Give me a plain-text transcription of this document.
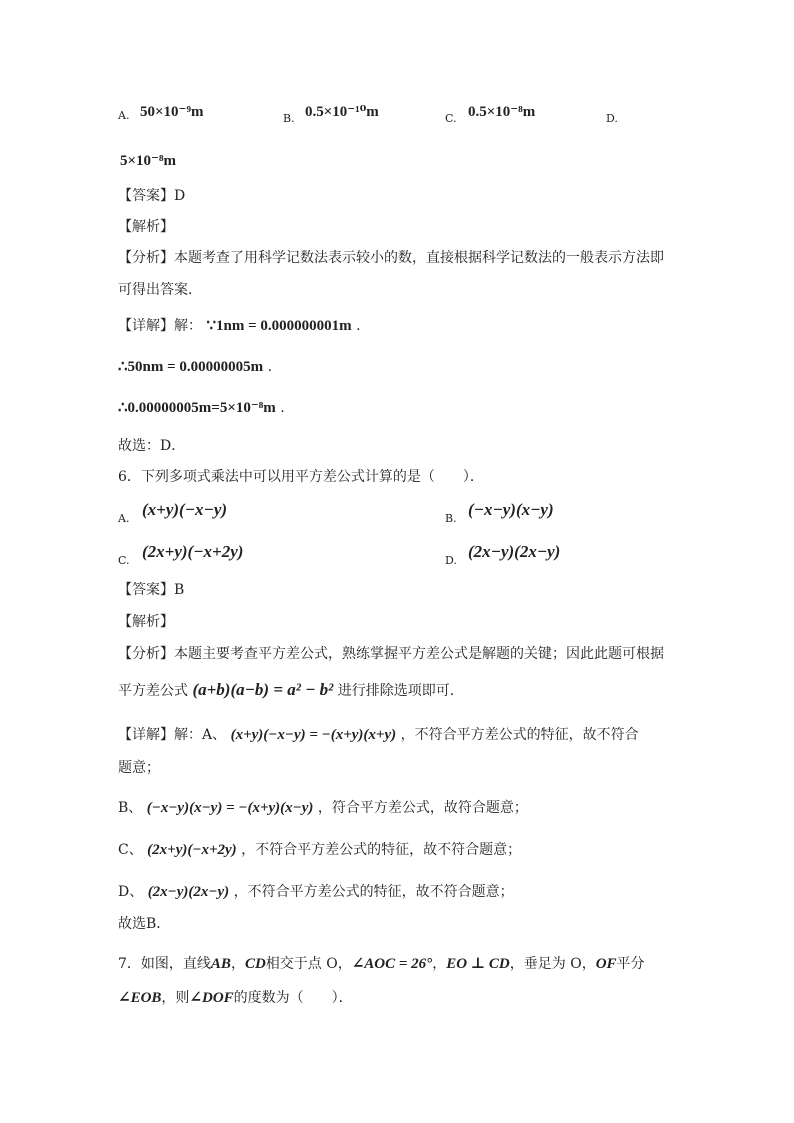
A. 50×10⁻⁹m	B. 0.5×10⁻¹⁰m	C. 0.5×10⁻⁸m	D.
5×10⁻⁸m
【答案】D
【解析】
【分析】本题考查了用科学记数法表示较小的数，直接根据科学记数法的一般表示方法即
可得出答案．
【详解】解： ∵1nm = 0.000000001m .
∴50nm = 0.00000005m .
∴0.00000005m=5×10⁻⁸m .
故选：D．
6．下列多项式乘法中可以用平方差公式计算的是（　　）．
A. (x+y)(−x−y)	B. (−x−y)(x−y)
C. (2x+y)(−x+2y)	D. (2x−y)(2x−y)
【答案】B
【解析】
【分析】本题主要考查平方差公式，熟练掌握平方差公式是解题的关键；因此此题可根据
平方差公式 (a+b)(a−b) = a² − b² 进行排除选项即可．
【详解】解：A、 (x+y)(−x−y) = −(x+y)(x+y) ，不符合平方差公式的特征，故不符合
题意；
B、 (−x−y)(x−y) = −(x+y)(x−y) ，符合平方差公式，故符合题意；
C、 (2x+y)(−x+2y) ，不符合平方差公式的特征，故不符合题意；
D、 (2x−y)(2x−y) ，不符合平方差公式的特征，故不符合题意；
故选B．
7．如图，直线AB，CD相交于点 O，∠AOC = 26°，EO ⊥ CD，垂足为 O，OF平分
∠EOB，则∠DOF的度数为（　　）．
